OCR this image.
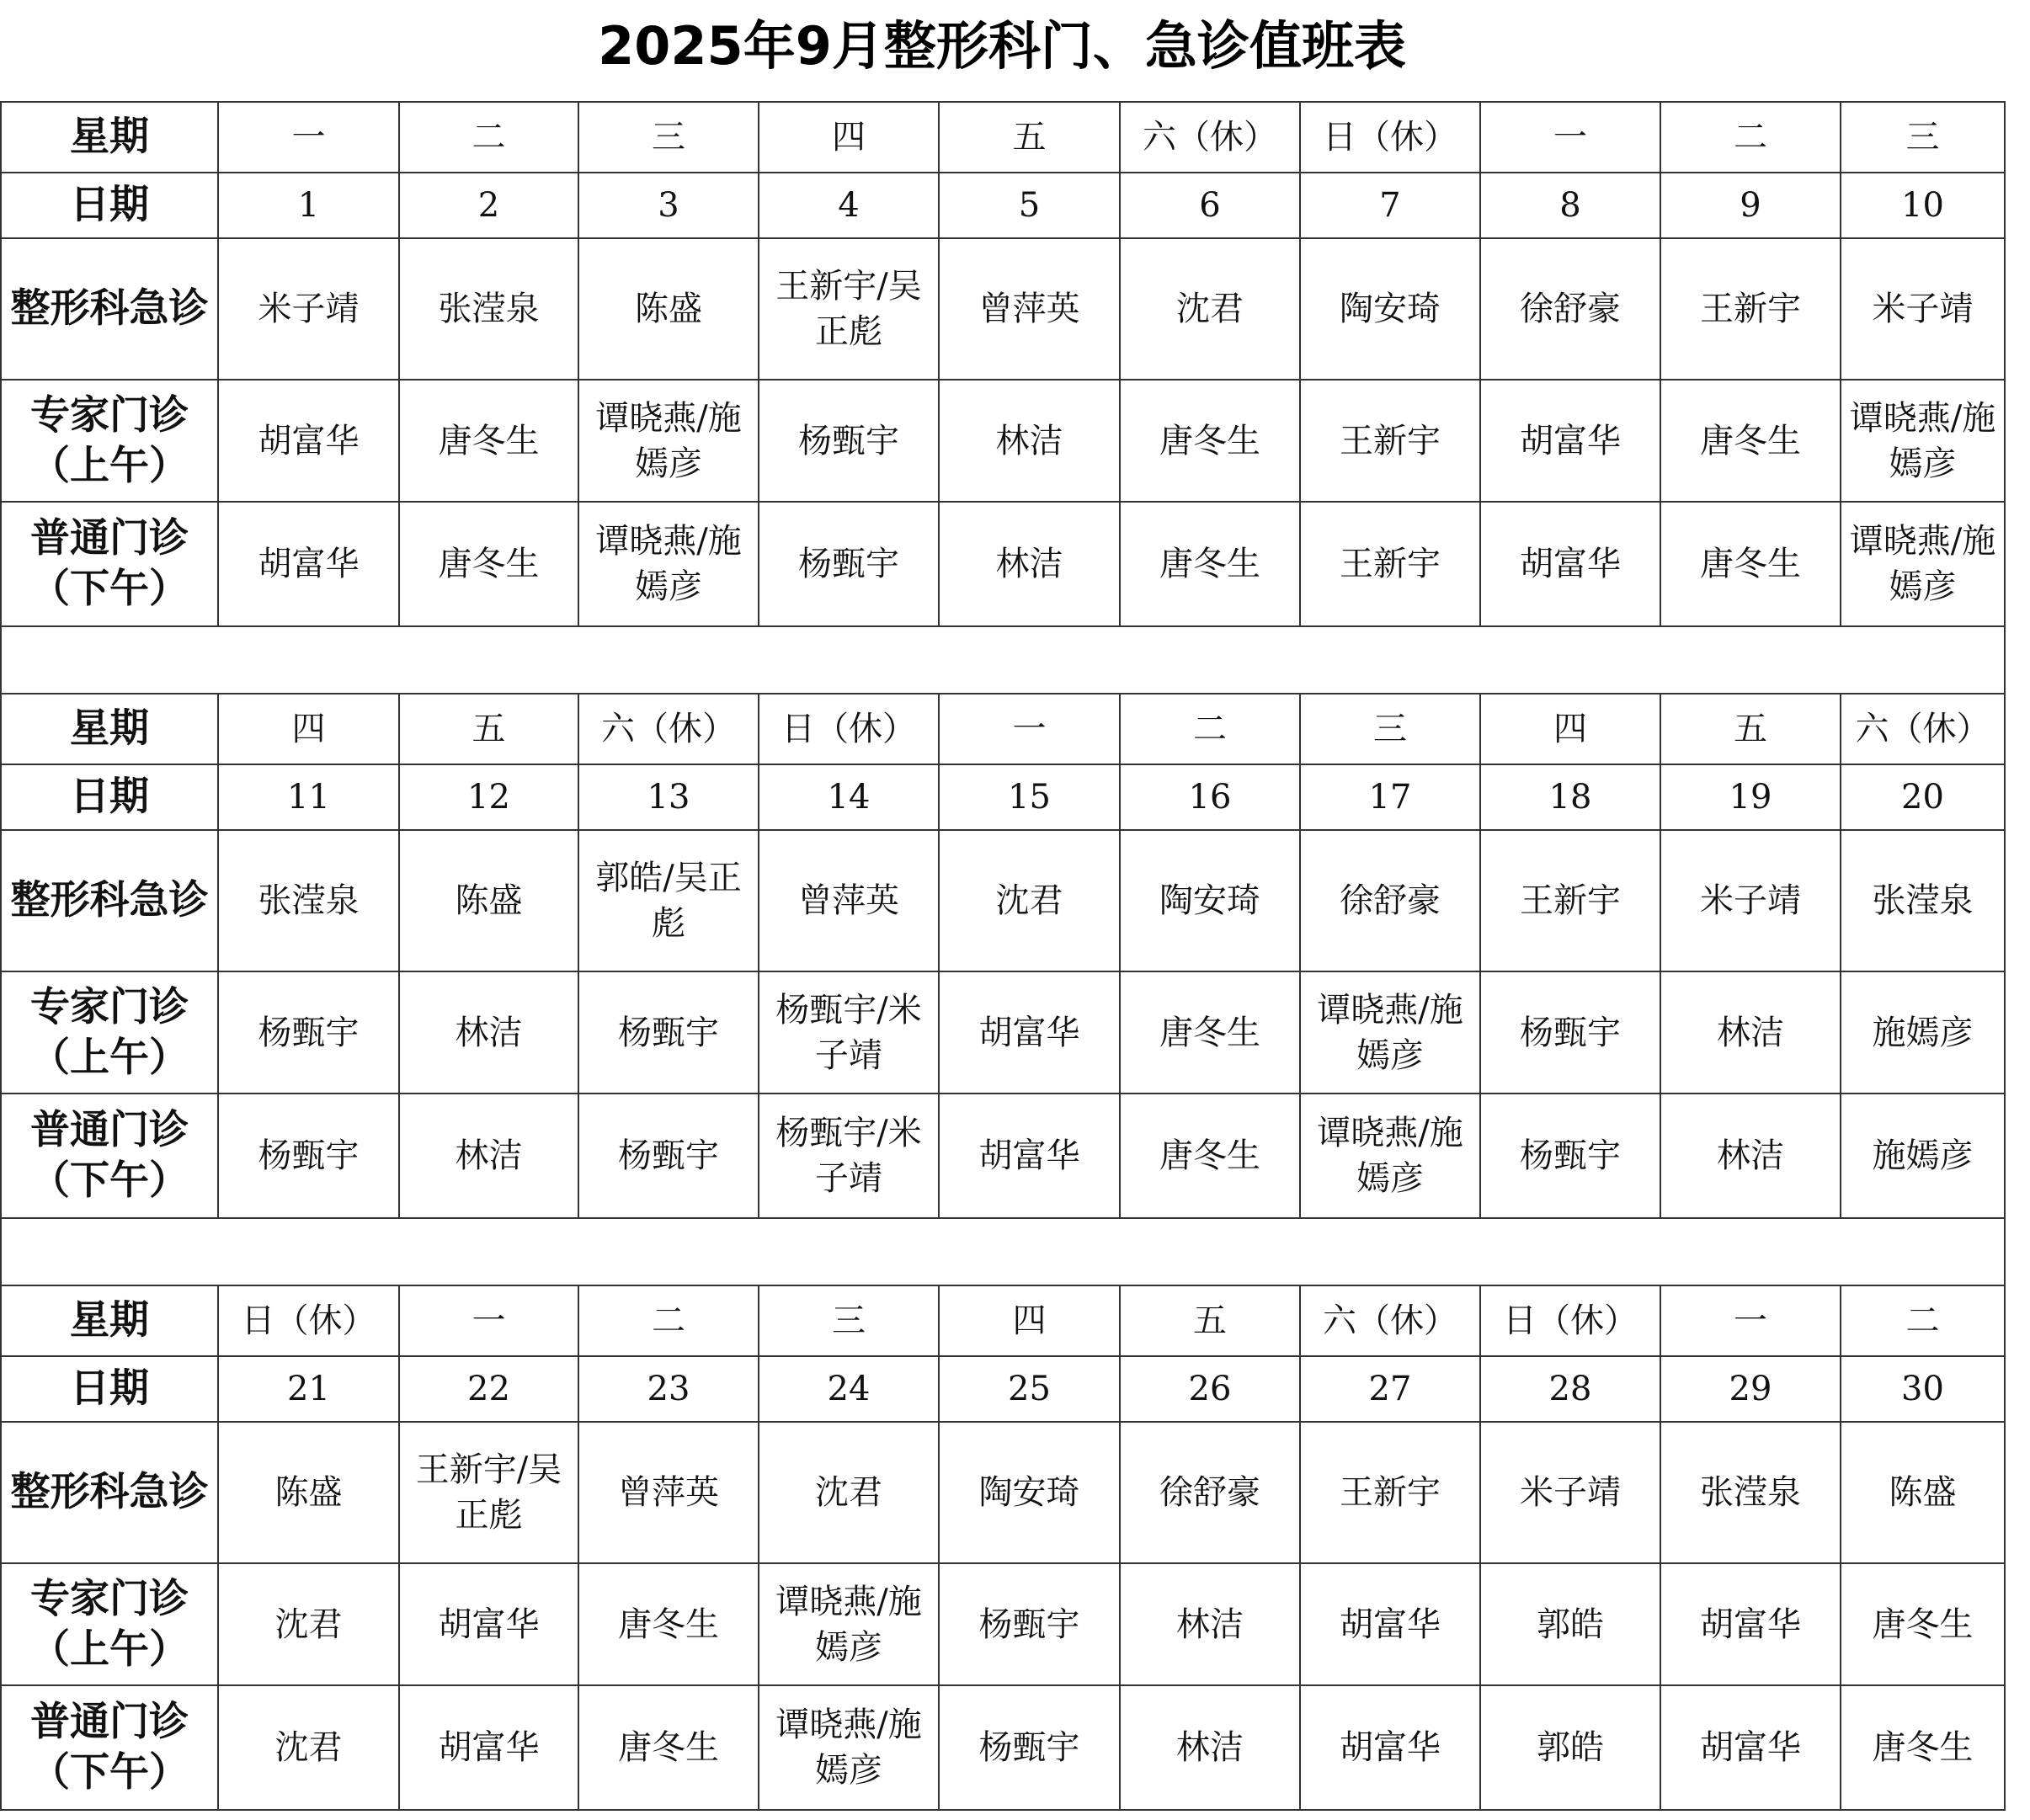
2025年9月整形科门、急诊值班表
星期	一	二	三	四	五	六（休）	日（休）	一	二	三
日期	1	2	3	4	5	6	7	8	9	10
整形科急诊	米子靖	张滢泉	陈盛	王新宇/吴正彪	曾萍英	沈君	陶安琦	徐舒豪	王新宇	米子靖
专家门诊（上午）	胡富华	唐冬生	谭晓燕/施嫣彦	杨甄宇	林洁	唐冬生	王新宇	胡富华	唐冬生	谭晓燕/施嫣彦
普通门诊（下午）	胡富华	唐冬生	谭晓燕/施嫣彦	杨甄宇	林洁	唐冬生	王新宇	胡富华	唐冬生	谭晓燕/施嫣彦

星期	四	五	六（休）	日（休）	一	二	三	四	五	六（休）
日期	11	12	13	14	15	16	17	18	19	20
整形科急诊	张滢泉	陈盛	郭皓/吴正彪	曾萍英	沈君	陶安琦	徐舒豪	王新宇	米子靖	张滢泉
专家门诊（上午）	杨甄宇	林洁	杨甄宇	杨甄宇/米子靖	胡富华	唐冬生	谭晓燕/施嫣彦	杨甄宇	林洁	施嫣彦
普通门诊（下午）	杨甄宇	林洁	杨甄宇	杨甄宇/米子靖	胡富华	唐冬生	谭晓燕/施嫣彦	杨甄宇	林洁	施嫣彦

星期	日（休）	一	二	三	四	五	六（休）	日（休）	一	二
日期	21	22	23	24	25	26	27	28	29	30
整形科急诊	陈盛	王新宇/吴正彪	曾萍英	沈君	陶安琦	徐舒豪	王新宇	米子靖	张滢泉	陈盛
专家门诊（上午）	沈君	胡富华	唐冬生	谭晓燕/施嫣彦	杨甄宇	林洁	胡富华	郭皓	胡富华	唐冬生
普通门诊（下午）	沈君	胡富华	唐冬生	谭晓燕/施嫣彦	杨甄宇	林洁	胡富华	郭皓	胡富华	唐冬生
